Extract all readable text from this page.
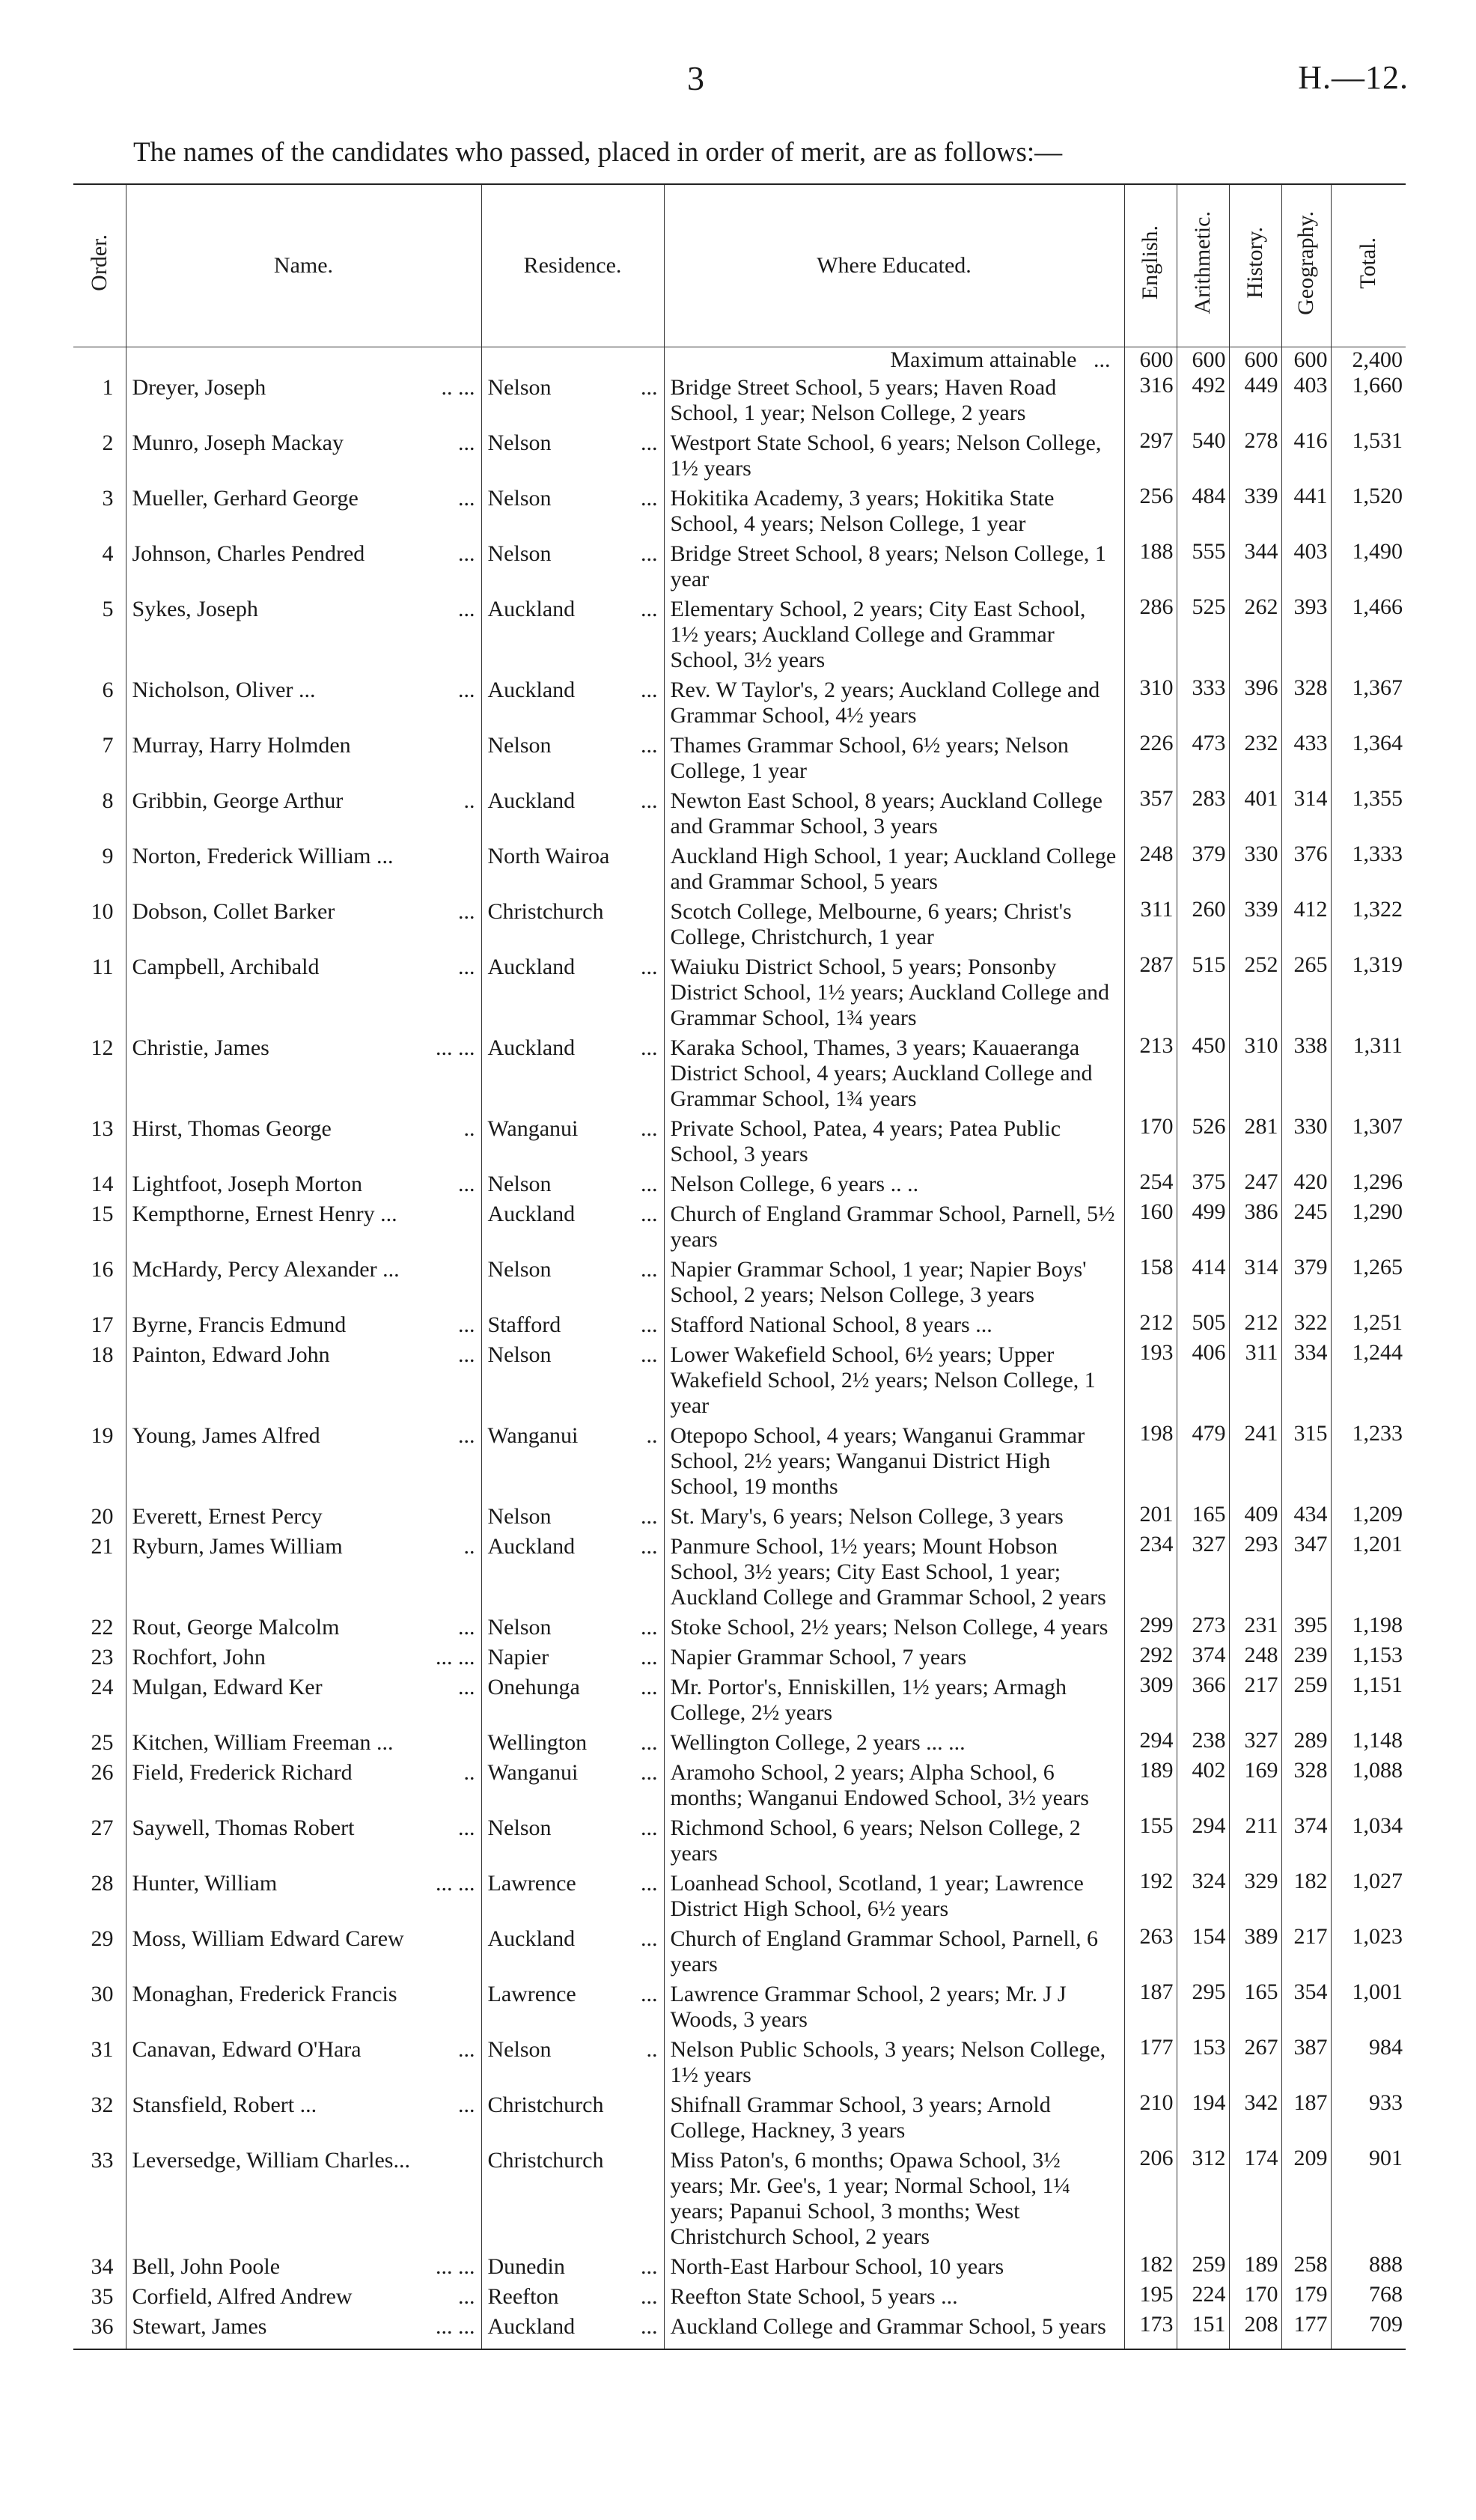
3	H.—12.
The names of the candidates who passed, placed in order of merit, are as follows:—
Order.	Name.	Residence.	Where Educated.	English.	Arithmetic.	History.	Geography.	Total.
			Maximum attainable ...	600	600	600	600	2,400
1	Dreyer, Joseph .. ...	Nelson ...	Bridge Street School, 5 years; Haven Road School, 1 year; Nelson College, 2 years	316	492	449	403	1,660
2	Munro, Joseph Mackay ...	Nelson ...	Westport State School, 6 years; Nelson College, 1½ years	297	540	278	416	1,531
3	Mueller, Gerhard George ...	Nelson ...	Hokitika Academy, 3 years; Hokitika State School, 4 years; Nelson College, 1 year	256	484	339	441	1,520
4	Johnson, Charles Pendred ...	Nelson ...	Bridge Street School, 8 years; Nelson College, 1 year	188	555	344	403	1,490
5	Sykes, Joseph ...	Auckland ...	Elementary School, 2 years; City East School, 1½ years; Auckland College and Grammar School, 3½ years	286	525	262	393	1,466
6	Nicholson, Oliver ... ...	Auckland ...	Rev. W Taylor's, 2 years; Auckland College and Grammar School, 4½ years	310	333	396	328	1,367
7	Murray, Harry Holmden	Nelson ...	Thames Grammar School, 6½ years; Nelson College, 1 year	226	473	232	433	1,364
8	Gribbin, George Arthur ..	Auckland ...	Newton East School, 8 years; Auckland College and Grammar School, 3 years	357	283	401	314	1,355
9	Norton, Frederick William ...	North Wairoa	Auckland High School, 1 year; Auckland College and Grammar School, 5 years	248	379	330	376	1,333
10	Dobson, Collet Barker ...	Christchurch	Scotch College, Melbourne, 6 years; Christ's College, Christchurch, 1 year	311	260	339	412	1,322
11	Campbell, Archibald ...	Auckland ...	Waiuku District School, 5 years; Ponsonby District School, 1½ years; Auckland College and Grammar School, 1¾ years	287	515	252	265	1,319
12	Christie, James ... ...	Auckland ...	Karaka School, Thames, 3 years; Kauaeranga District School, 4 years; Auckland College and Grammar School, 1¾ years	213	450	310	338	1,311
13	Hirst, Thomas George ..	Wanganui ...	Private School, Patea, 4 years; Patea Public School, 3 years	170	526	281	330	1,307
14	Lightfoot, Joseph Morton ...	Nelson ...	Nelson College, 6 years .. ..	254	375	247	420	1,296
15	Kempthorne, Ernest Henry ...	Auckland ...	Church of England Grammar School, Parnell, 5½ years	160	499	386	245	1,290
16	McHardy, Percy Alexander ...	Nelson ...	Napier Grammar School, 1 year; Napier Boys' School, 2 years; Nelson College, 3 years	158	414	314	379	1,265
17	Byrne, Francis Edmund ...	Stafford ...	Stafford National School, 8 years ...	212	505	212	322	1,251
18	Painton, Edward John ...	Nelson ...	Lower Wakefield School, 6½ years; Upper Wakefield School, 2½ years; Nelson College, 1 year	193	406	311	334	1,244
19	Young, James Alfred ...	Wanganui ..	Otepopo School, 4 years; Wanganui Grammar School, 2½ years; Wanganui District High School, 19 months	198	479	241	315	1,233
20	Everett, Ernest Percy	Nelson ...	St. Mary's, 6 years; Nelson College, 3 years	201	165	409	434	1,209
21	Ryburn, James William ..	Auckland ...	Panmure School, 1½ years; Mount Hobson School, 3½ years; City East School, 1 year; Auckland College and Grammar School, 2 years	234	327	293	347	1,201
22	Rout, George Malcolm ...	Nelson ...	Stoke School, 2½ years; Nelson College, 4 years	299	273	231	395	1,198
23	Rochfort, John ... ...	Napier ...	Napier Grammar School, 7 years	292	374	248	239	1,153
24	Mulgan, Edward Ker ...	Onehunga ...	Mr. Portor's, Enniskillen, 1½ years; Armagh College, 2½ years	309	366	217	259	1,151
25	Kitchen, William Freeman ...	Wellington ...	Wellington College, 2 years ... ...	294	238	327	289	1,148
26	Field, Frederick Richard ..	Wanganui ...	Aramoho School, 2 years; Alpha School, 6 months; Wanganui Endowed School, 3½ years	189	402	169	328	1,088
27	Saywell, Thomas Robert ...	Nelson ...	Richmond School, 6 years; Nelson College, 2 years	155	294	211	374	1,034
28	Hunter, William ... ...	Lawrence ...	Loanhead School, Scotland, 1 year; Lawrence District High School, 6½ years	192	324	329	182	1,027
29	Moss, William Edward Carew	Auckland ...	Church of England Grammar School, Parnell, 6 years	263	154	389	217	1,023
30	Monaghan, Frederick Francis	Lawrence ...	Lawrence Grammar School, 2 years; Mr. J J Woods, 3 years	187	295	165	354	1,001
31	Canavan, Edward O'Hara ...	Nelson ..	Nelson Public Schools, 3 years; Nelson College, 1½ years	177	153	267	387	984
32	Stansfield, Robert ... ...	Christchurch	Shifnall Grammar School, 3 years; Arnold College, Hackney, 3 years	210	194	342	187	933
33	Leversedge, William Charles...	Christchurch	Miss Paton's, 6 months; Opawa School, 3½ years; Mr. Gee's, 1 year; Normal School, 1¼ years; Papanui School, 3 months; West Christchurch School, 2 years	206	312	174	209	901
34	Bell, John Poole ... ...	Dunedin ...	North-East Harbour School, 10 years	182	259	189	258	888
35	Corfield, Alfred Andrew ...	Reefton ...	Reefton State School, 5 years ...	195	224	170	179	768
36	Stewart, James ... ...	Auckland ...	Auckland College and Grammar School, 5 years	173	151	208	177	709
